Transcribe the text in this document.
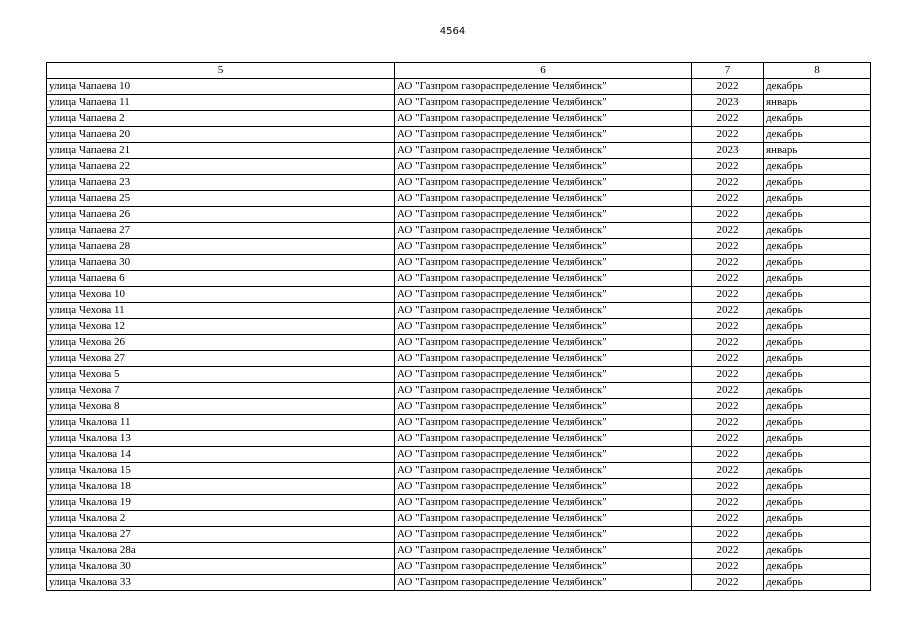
4564
5	6	7	8
улица Чапаева 10	АО "Газпром газораспределение Челябинск"	2022	декабрь
улица Чапаева 11	АО "Газпром газораспределение Челябинск"	2023	январь
улица Чапаева 2	АО "Газпром газораспределение Челябинск"	2022	декабрь
улица Чапаева 20	АО "Газпром газораспределение Челябинск"	2022	декабрь
улица Чапаева 21	АО "Газпром газораспределение Челябинск"	2023	январь
улица Чапаева 22	АО "Газпром газораспределение Челябинск"	2022	декабрь
улица Чапаева 23	АО "Газпром газораспределение Челябинск"	2022	декабрь
улица Чапаева 25	АО "Газпром газораспределение Челябинск"	2022	декабрь
улица Чапаева 26	АО "Газпром газораспределение Челябинск"	2022	декабрь
улица Чапаева 27	АО "Газпром газораспределение Челябинск"	2022	декабрь
улица Чапаева 28	АО "Газпром газораспределение Челябинск"	2022	декабрь
улица Чапаева 30	АО "Газпром газораспределение Челябинск"	2022	декабрь
улица Чапаева 6	АО "Газпром газораспределение Челябинск"	2022	декабрь
улица Чехова 10	АО "Газпром газораспределение Челябинск"	2022	декабрь
улица Чехова 11	АО "Газпром газораспределение Челябинск"	2022	декабрь
улица Чехова 12	АО "Газпром газораспределение Челябинск"	2022	декабрь
улица Чехова 26	АО "Газпром газораспределение Челябинск"	2022	декабрь
улица Чехова 27	АО "Газпром газораспределение Челябинск"	2022	декабрь
улица Чехова 5	АО "Газпром газораспределение Челябинск"	2022	декабрь
улица Чехова 7	АО "Газпром газораспределение Челябинск"	2022	декабрь
улица Чехова 8	АО "Газпром газораспределение Челябинск"	2022	декабрь
улица Чкалова 11	АО "Газпром газораспределение Челябинск"	2022	декабрь
улица Чкалова 13	АО "Газпром газораспределение Челябинск"	2022	декабрь
улица Чкалова 14	АО "Газпром газораспределение Челябинск"	2022	декабрь
улица Чкалова 15	АО "Газпром газораспределение Челябинск"	2022	декабрь
улица Чкалова 18	АО "Газпром газораспределение Челябинск"	2022	декабрь
улица Чкалова 19	АО "Газпром газораспределение Челябинск"	2022	декабрь
улица Чкалова 2	АО "Газпром газораспределение Челябинск"	2022	декабрь
улица Чкалова 27	АО "Газпром газораспределение Челябинск"	2022	декабрь
улица Чкалова 28а	АО "Газпром газораспределение Челябинск"	2022	декабрь
улица Чкалова 30	АО "Газпром газораспределение Челябинск"	2022	декабрь
улица Чкалова 33	АО "Газпром газораспределение Челябинск"	2022	декабрь
